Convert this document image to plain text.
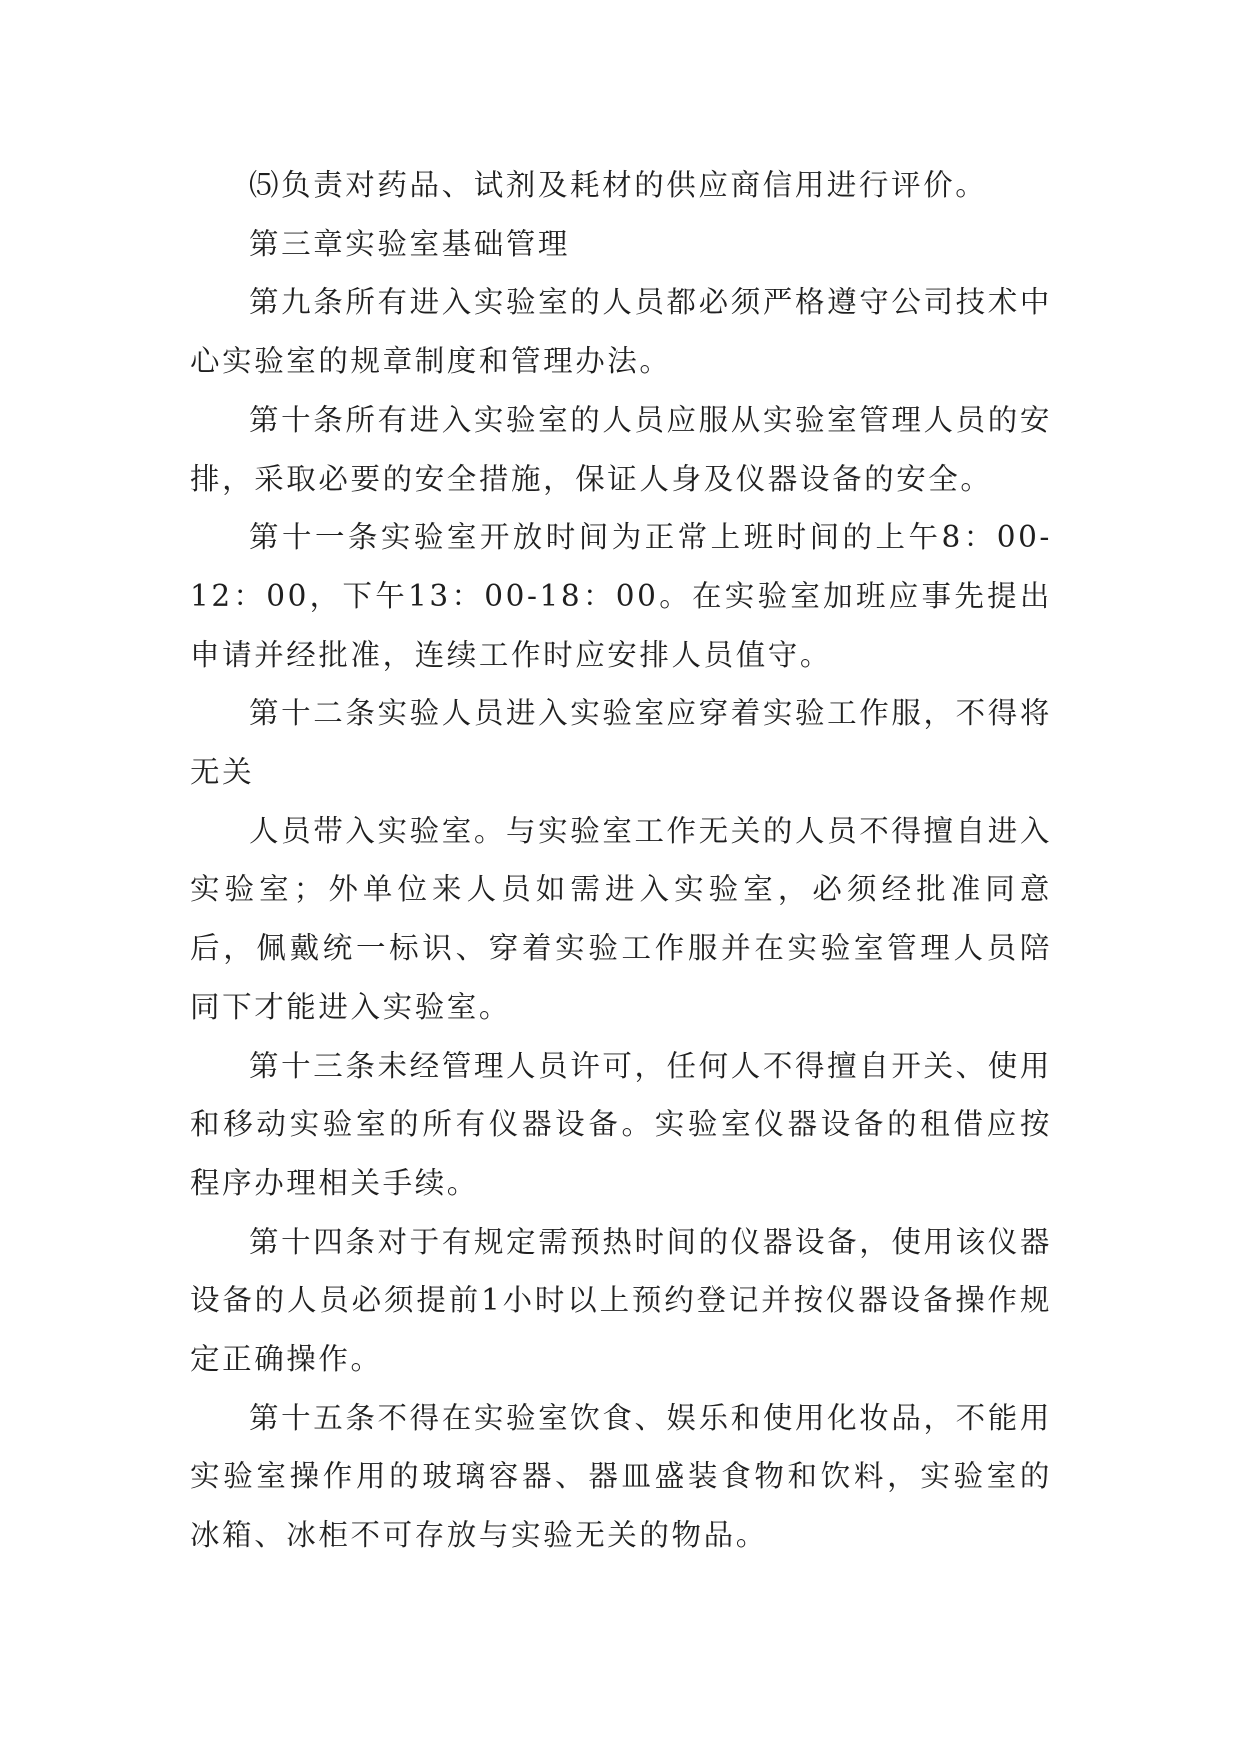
⑸负责对药品、试剂及耗材的供应商信用进行评价。

第三章实验室基础管理

第九条所有进入实验室的人员都必须严格遵守公司技术中心实验室的规章制度和管理办法。

第十条所有进入实验室的人员应服从实验室管理人员的安排，采取必要的安全措施，保证人身及仪器设备的安全。

第十一条实验室开放时间为正常上班时间的上午8：00-12：00，下午13：00-18：00。在实验室加班应事先提出申请并经批准，连续工作时应安排人员值守。

第十二条实验人员进入实验室应穿着实验工作服，不得将无关

人员带入实验室。与实验室工作无关的人员不得擅自进入实验室；外单位来人员如需进入实验室，必须经批准同意后，佩戴统一标识、穿着实验工作服并在实验室管理人员陪同下才能进入实验室。

第十三条未经管理人员许可，任何人不得擅自开关、使用和移动实验室的所有仪器设备。实验室仪器设备的租借应按程序办理相关手续。

第十四条对于有规定需预热时间的仪器设备，使用该仪器设备的人员必须提前1小时以上预约登记并按仪器设备操作规定正确操作。

第十五条不得在实验室饮食、娱乐和使用化妆品，不能用实验室操作用的玻璃容器、器皿盛装食物和饮料，实验室的冰箱、冰柜不可存放与实验无关的物品。
